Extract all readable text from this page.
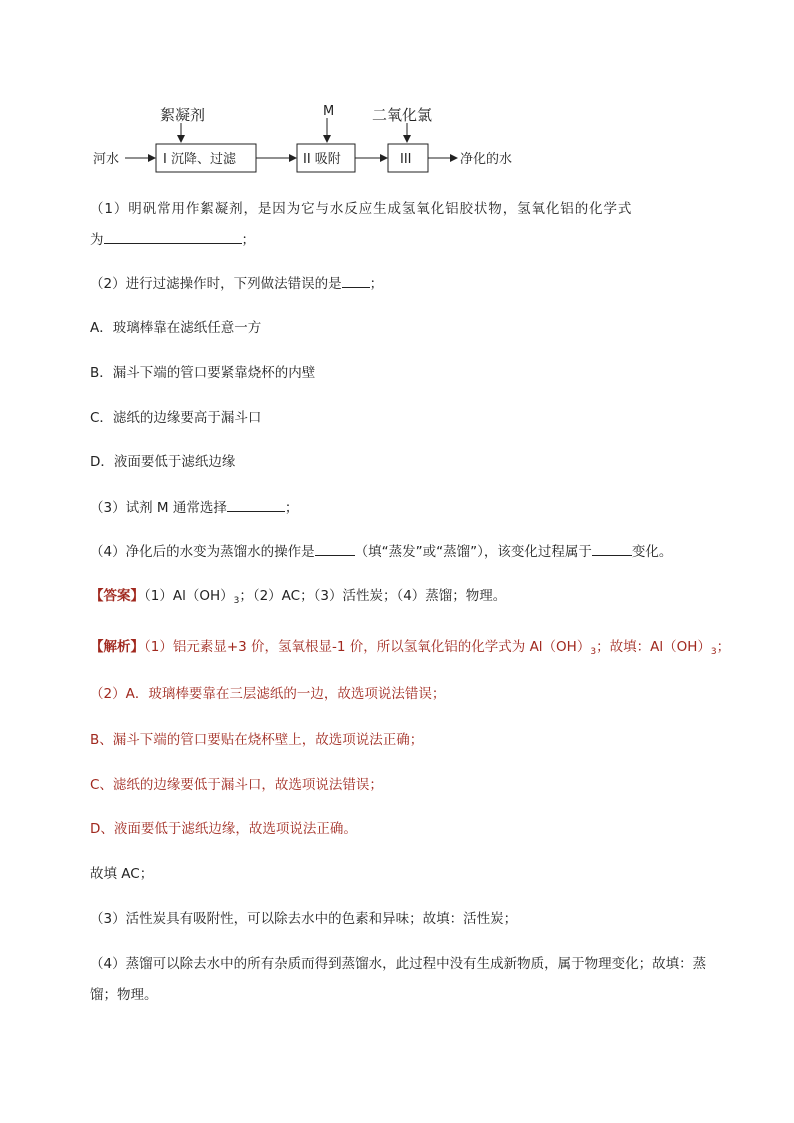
絮凝剂	M	二氧化氯
河水	I 沉降、过滤	II 吸附	III	净化的水
（1）明矾常用作絮凝剂，是因为它与水反应生成氢氧化铝胶状物，氢氧化铝的化学式
为	；
（2）进行过滤操作时，下列做法错误的是 ；
A．玻璃棒靠在滤纸任意一方
B．漏斗下端的管口要紧靠烧杯的内壁
C．滤纸的边缘要高于漏斗口
D．液面要低于滤纸边缘
（3）试剂 M 通常选择	；
（4）净化后的水变为蒸馏水的操作是	（填“蒸发”或“蒸馏”），该变化过程属于	变化。
【答案】$(1)Al(OH)_3$；（2）AC；（3）活性炭；（4）蒸馏；物理。
【解析】（1）铝元素显+3 价，氢氧根显-1 价，所以氢氧化铝的化学式为 $Al(OH)_3$；故填：$Al(OH)_3$；
（2）A．玻璃棒要靠在三层滤纸的一边，故选项说法错误；
B、漏斗下端的管口要贴在烧杯壁上，故选项说法正确；
C、滤纸的边缘要低于漏斗口，故选项说法错误；
D、液面要低于滤纸边缘，故选项说法正确。
故填 AC；
（3）活性炭具有吸附性，可以除去水中的色素和异味；故填：活性炭；
（4）蒸馏可以除去水中的所有杂质而得到蒸馏水，此过程中没有生成新物质，属于物理变化；故填：蒸
馏；物理。
